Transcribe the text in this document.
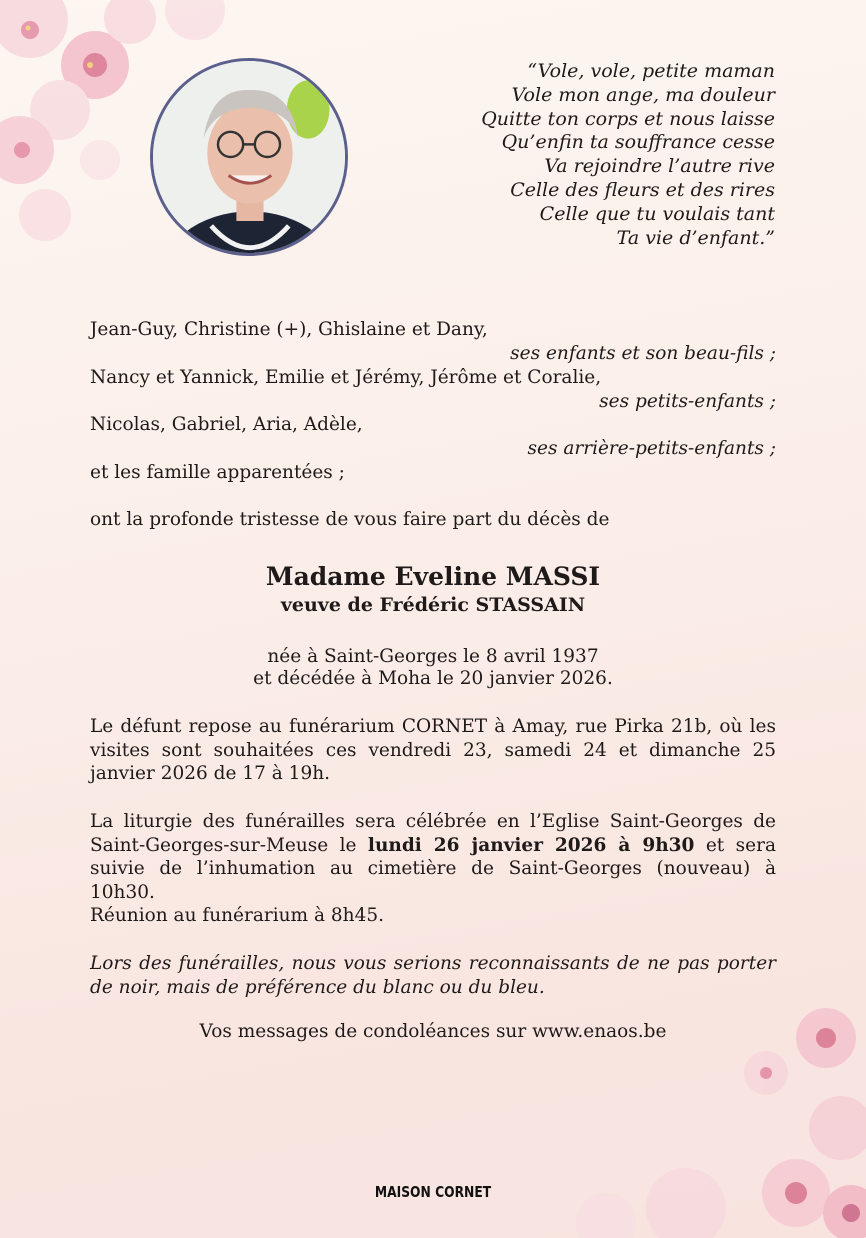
“Vole, vole, petite maman
Vole mon ange, ma douleur
Quitte ton corps et nous laisse
Qu’enfin ta souffrance cesse
Va rejoindre l’autre rive
Celle des fleurs et des rires
Celle que tu voulais tant
Ta vie d’enfant.”
Jean-Guy, Christine (+), Ghislaine et Dany,
ses enfants et son beau-fils ;
Nancy et Yannick, Emilie et Jérémy, Jérôme et Coralie,
ses petits-enfants ;
Nicolas, Gabriel, Aria, Adèle,
ses arrière-petits-enfants ;
et les famille apparentées ;
ont la profonde tristesse de vous faire part du décès de
Madame Eveline MASSI
veuve de Frédéric STASSAIN
née à Saint-Georges le 8 avril 1937
et décédée à Moha le 20 janvier 2026.
Le défunt repose au funérarium CORNET à Amay, rue Pirka 21b, où les visites sont souhaitées ces vendredi 23, samedi 24 et dimanche 25 janvier 2026 de 17 à 19h.
La liturgie des funérailles sera célébrée en l’Eglise Saint-Georges de Saint-Georges-sur-Meuse le lundi 26 janvier 2026 à 9h30 et sera suivie de l’inhumation au cimetière de Saint-Georges (nouveau) à 10h30.
Réunion au funérarium à 8h45.
Lors des funérailles, nous vous serions reconnaissants de ne pas porter de noir, mais de préférence du blanc ou du bleu.
Vos messages de condoléances sur www.enaos.be
MAISON CORNET
